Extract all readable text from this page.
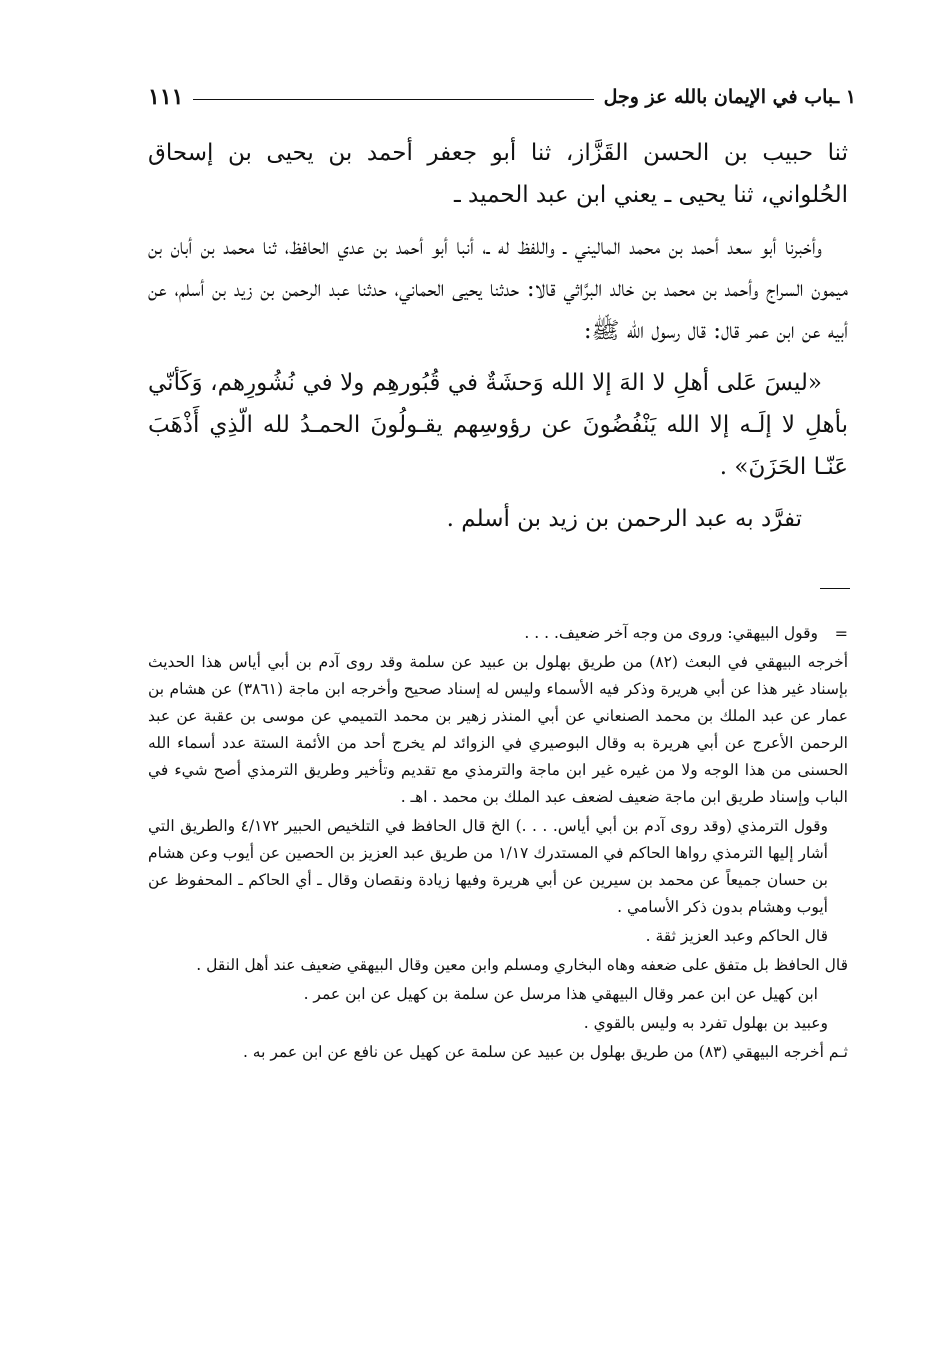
١ ـباب في الإيمان بالله عز وجل
١١١

ثنا حبيب بن الحسن القَزَّاز، ثنا أبو جعفر أحمد بن يحيى بن إسحاق الحُلواني، ثنا يحيى ـ يعني ابن عبد الحميد ـ

وأخبرنا أبو سعد أحمد بن محمد الماليني ـ واللفظ له ـ، أنبا أبو أحمد بن عدي الحافظ، ثنا محمد بن أبان بن ميمون السراج وأحمد بن محمد بن خالد البرَّاثي قالا: حدثنا يحيى الحماني، حدثنا عبد الرحمن بن زيد بن أسلم، عن أبيه عن ابن عمر قال: قال رسول الله ﷺ:

«ليسَ عَلى أهلِ لا الهَ إلا الله وَحشَةٌ في قُبُورهِم ولا في نُشُورِهم، وَكَأنّي بأهلِ لا إلَـه إلا الله يَنْفُضُونَ عن رؤوسِهم يقـولُونَ الحمـدُ لله الّذِي أَذْهَبَ عَنّـا الحَزَنَ» .

تفرَّد به عبد الرحمن بن زيد بن أسلم .

=
وقول البيهقي: وروى من وجه آخر ضعيف. . . .

أخرجه البيهقي في البعث (٨٢) من طريق بهلول بن عبيد عن سلمة وقد روى آدم بن أبي أياس هذا الحديث بإسناد غير هذا عن أبي هريرة وذكر فيه الأسماء وليس له إسناد صحيح وأخرجه ابن ماجة (٣٨٦١) عن هشام بن عمار عن عبد الملك بن محمد الصنعاني عن أبي المنذر زهير بن محمد التميمي عن موسى بن عقبة عن عبد الرحمن الأعرج عن أبي هريرة به وقال البوصيري في الزوائد لم يخرج أحد من الأئمة الستة عدد أسماء الله الحسنى من هذا الوجه ولا من غيره غير ابن ماجة والترمذي مع تقديم وتأخير وطريق الترمذي أصح شيء في الباب وإسناد طريق ابن ماجة ضعيف لضعف عبد الملك بن محمد . اهـ .

وقول الترمذي (وقد روى آدم بن أبي أياس. . . .) الخ قال الحافظ في التلخيص الحبير ٤/١٧٢ والطريق التي أشار إليها الترمذي رواها الحاكم في المستدرك ١/١٧ من طريق عبد العزيز بن الحصين عن أيوب وعن هشام بن حسان جميعاً عن محمد بن سيرين عن أبي هريرة وفيها زيادة ونقصان وقال ـ أي الحاكم ـ المحفوظ عن أيوب وهشام بدون ذكر الأسامي .

قال الحاكم وعبد العزيز ثقة .

قال الحافظ بل متفق على ضعفه وهاه البخاري ومسلم وابن معين وقال البيهقي ضعيف عند أهل النقل .

ابن كهيل عن ابن عمر وقال البيهقي هذا مرسل عن سلمة بن كهيل عن ابن عمر .

وعبيد بن بهلول تفرد به وليس بالقوي .

ثـم أخرجه البيهقي (٨٣) من طريق بهلول بن عبيد عن سلمة عن كهيل عن نافع عن ابن عمر به .
